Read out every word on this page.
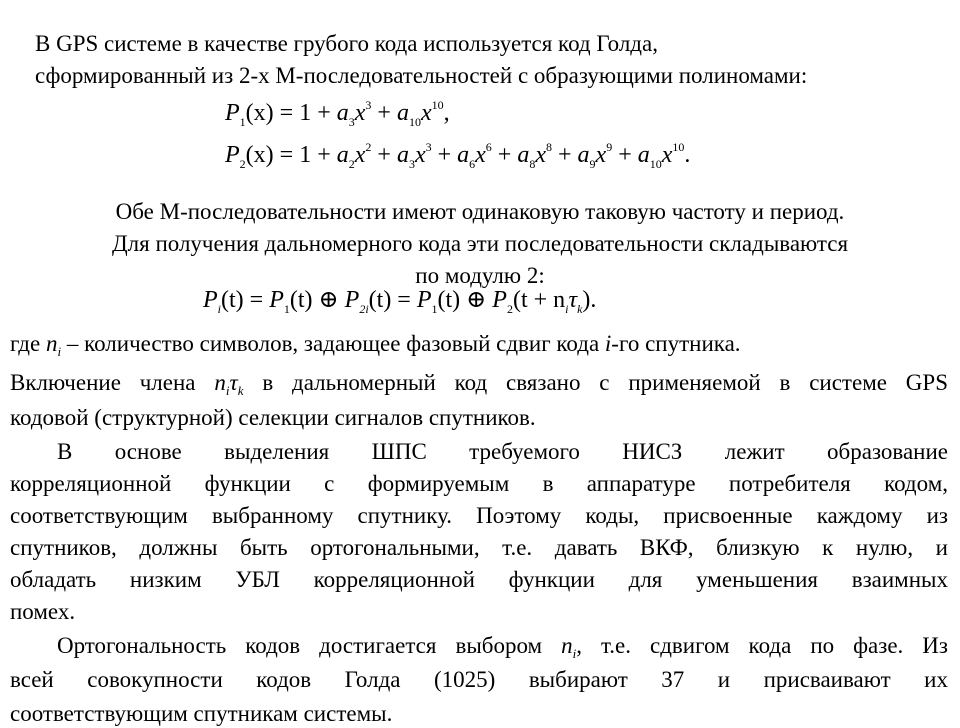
В GPS системе в качестве грубого кода используется код Голда,
сформированный из 2-х М-последовательностей с образующими полиномами:
$P_1(x) = 1 + a_3x^3 + a_{10}x^{10}$,
$P_2(x) = 1 + a_2x^2 + a_3x^3 + a_6x^6 + a_8x^8 + a_9x^9 + a_{10}x^{10}$.
Обе М-последовательности имеют одинаковую таковую частоту и период.
Для получения дальномерного кода эти последовательности складываются
по модулю 2:
$P_i(t) = P_1(t)$ ⊕ $P_{2i}(t) = P_1(t)$ ⊕ $P_2(t + n_i\tau_k)$.
где $n_i$ – количество символов, задающее фазовый сдвиг кода i-го спутника.
Включение члена $n_i\tau_k$ в дальномерный код связано с применяемой в системе GPS
кодовой (структурной) селекции сигналов спутников.
В основе выделения ШПС требуемого НИСЗ лежит образование
корреляционной функции с формируемым в аппаратуре потребителя кодом,
соответствующим выбранному спутнику. Поэтому коды, присвоенные каждому из
спутников, должны быть ортогональными, т.е. давать ВКФ, близкую к нулю, и
обладать низким УБЛ корреляционной функции для уменьшения взаимных
помех.
Ортогональность кодов достигается выбором $n_i$, т.е. сдвигом кода по фазе. Из
всей совокупности кодов Голда (1025) выбирают 37 и присваивают их
соответствующим спутникам системы.
